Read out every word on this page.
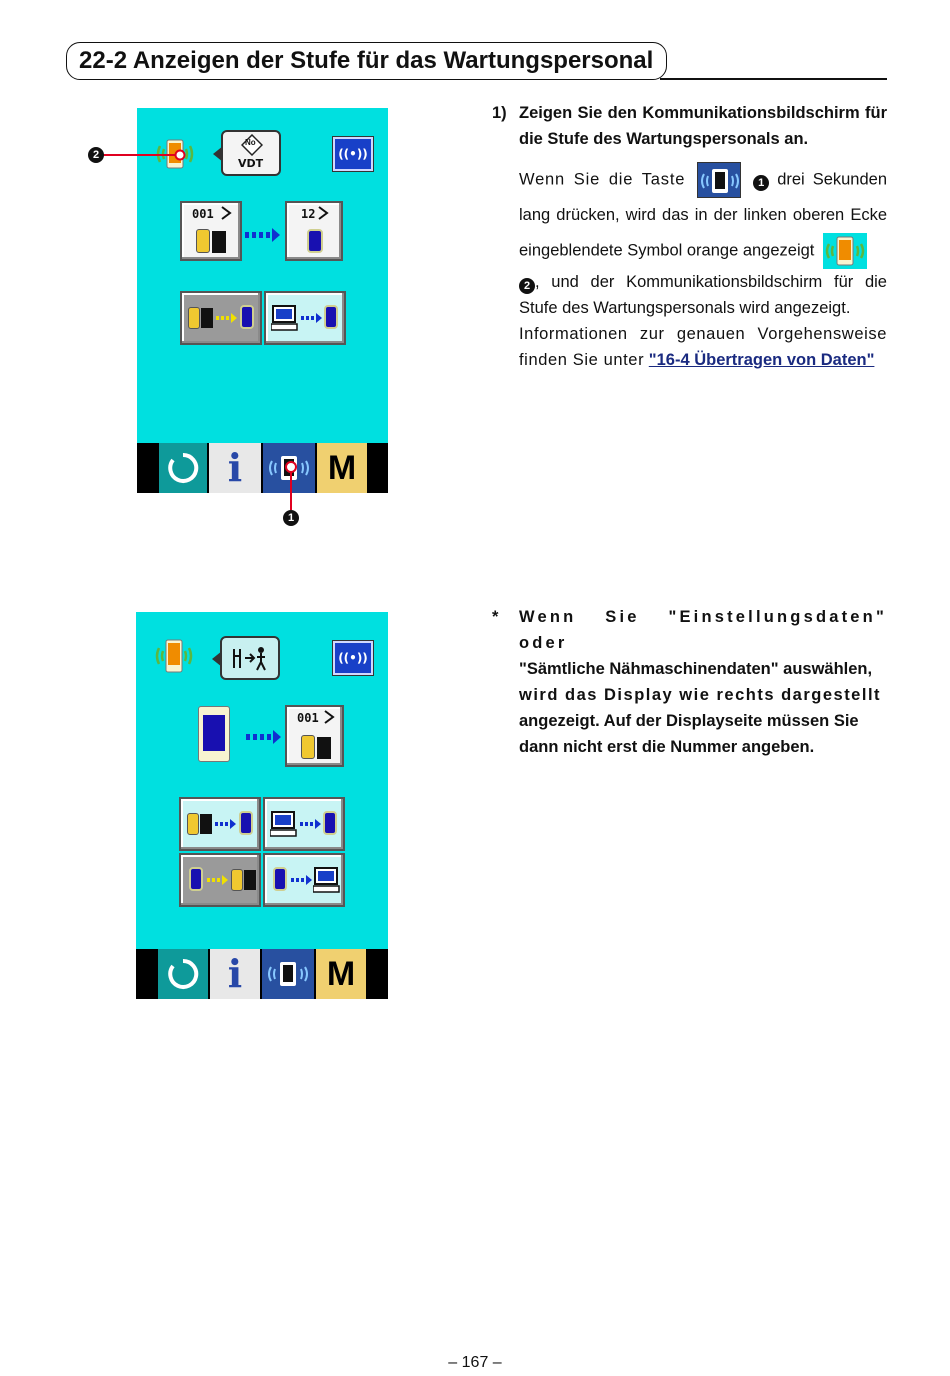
22-2 Anzeigen der Stufe für das Wartungspersonal
No
VDT
((•))
001	12
i	M
2
1
((•))
001
i M
1) Zeigen Sie den Kommunikationsbildschirm für die Stufe des Wartungspersonals an.
Wenn Sie die Taste	1 drei Sekunden lang drücken, wird das in der linken oberen Ecke eingeblendete Symbol orange angezeigt
2 , und der Kommunikationsbildschirm für die Stufe des Wartungspersonals wird angezeigt.
Informationen zur genauen Vorgehensweise finden Sie unter "16-4 Übertragen von Daten"
* Wenn Sie "Einstellungsdaten" oder
"Sämtliche Nähmaschinendaten" auswählen,
wird das Display wie rechts dargestellt
angezeigt. Auf der Displayseite müssen Sie
dann nicht erst die Nummer angeben.
– 167 –
